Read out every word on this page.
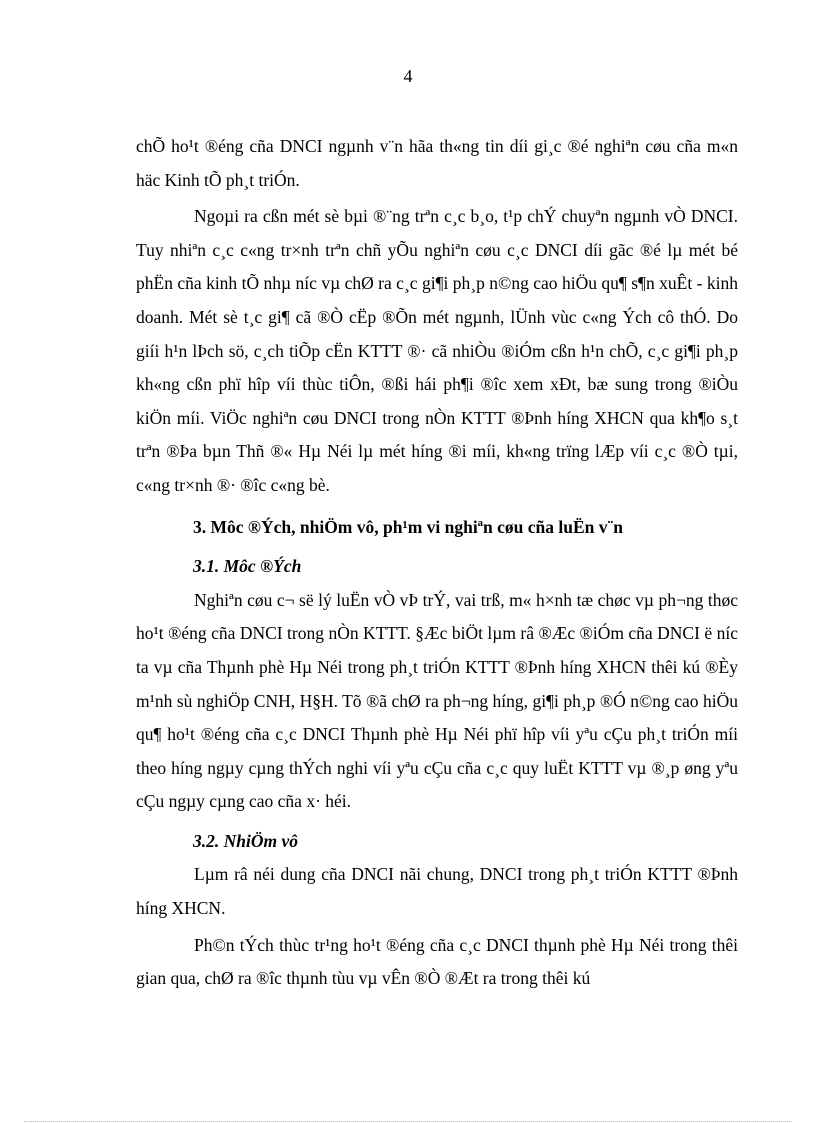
4

chÕ ho¹t ®éng cña DNCI ngµnh v¨n hãa th«ng tin díi gi¸c ®é nghiªn cøu cña m«n häc Kinh tÕ ph¸t triÓn.

Ngoµi ra cßn mét sè bµi ®¨ng trªn c¸c b¸o, t¹p chÝ chuyªn ngµnh vÒ DNCI. Tuy nhiªn c¸c c«ng tr×nh trªn chñ yÕu nghiªn cøu c¸c DNCI díi gãc ®é lµ mét bé phËn cña kinh tÕ nhµ níc vµ chØ ra c¸c gi¶i ph¸p n©ng cao hiÖu qu¶ s¶n xuÊt - kinh doanh. Mét sè t¸c gi¶ cã ®Ò cËp ®Õn mét ngµnh, lÜnh vùc c«ng Ých cô thÓ. Do giíi h¹n lÞch sö, c¸ch tiÕp cËn KTTT ®· cã nhiÒu ®iÓm cßn h¹n chÕ, c¸c gi¶i ph¸p kh«ng cßn phï hîp víi thùc tiÔn, ®ßi hái ph¶i ®îc xem xÐt, bæ sung trong ®iÒu kiÖn míi. ViÖc nghiªn cøu DNCI trong nÒn KTTT ®Þnh híng XHCN qua kh¶o s¸t trªn ®Þa bµn Thñ ®« Hµ Néi lµ mét híng ®i míi, kh«ng trïng lÆp víi c¸c ®Ò tµi, c«ng tr×nh ®· ®îc c«ng bè.

3. Môc ®Ých, nhiÖm vô, ph¹m vi nghiªn cøu cña luËn v¨n
3.1. Môc ®Ých

Nghiªn cøu c¬ së lý luËn vÒ vÞ trÝ, vai trß, m« h×nh tæ chøc vµ ph¬ng thøc ho¹t ®éng cña DNCI trong nÒn KTTT. §Æc biÖt lµm râ ®Æc ®iÓm cña DNCI ë níc ta vµ cña Thµnh phè Hµ Néi trong ph¸t triÓn KTTT ®Þnh híng XHCN thêi kú ®Èy m¹nh sù nghiÖp CNH, H§H. Tõ ®ã chØ ra ph¬ng híng, gi¶i ph¸p ®Ó n©ng cao hiÖu qu¶ ho¹t ®éng cña c¸c DNCI Thµnh phè Hµ Néi phï hîp víi yªu cÇu ph¸t triÓn míi theo híng ngµy cµng thÝch nghi víi yªu cÇu cña c¸c quy luËt KTTT vµ ®¸p øng yªu cÇu ngµy cµng cao cña x· héi.

3.2. NhiÖm vô

Lµm râ néi dung cña DNCI nãi chung, DNCI trong ph¸t triÓn KTTT ®Þnh híng XHCN.

Ph©n tÝch thùc tr¹ng ho¹t ®éng cña c¸c DNCI thµnh phè Hµ Néi trong thêi gian qua, chØ ra ®îc thµnh tùu vµ vÊn ®Ò ®Æt ra trong thêi kú
